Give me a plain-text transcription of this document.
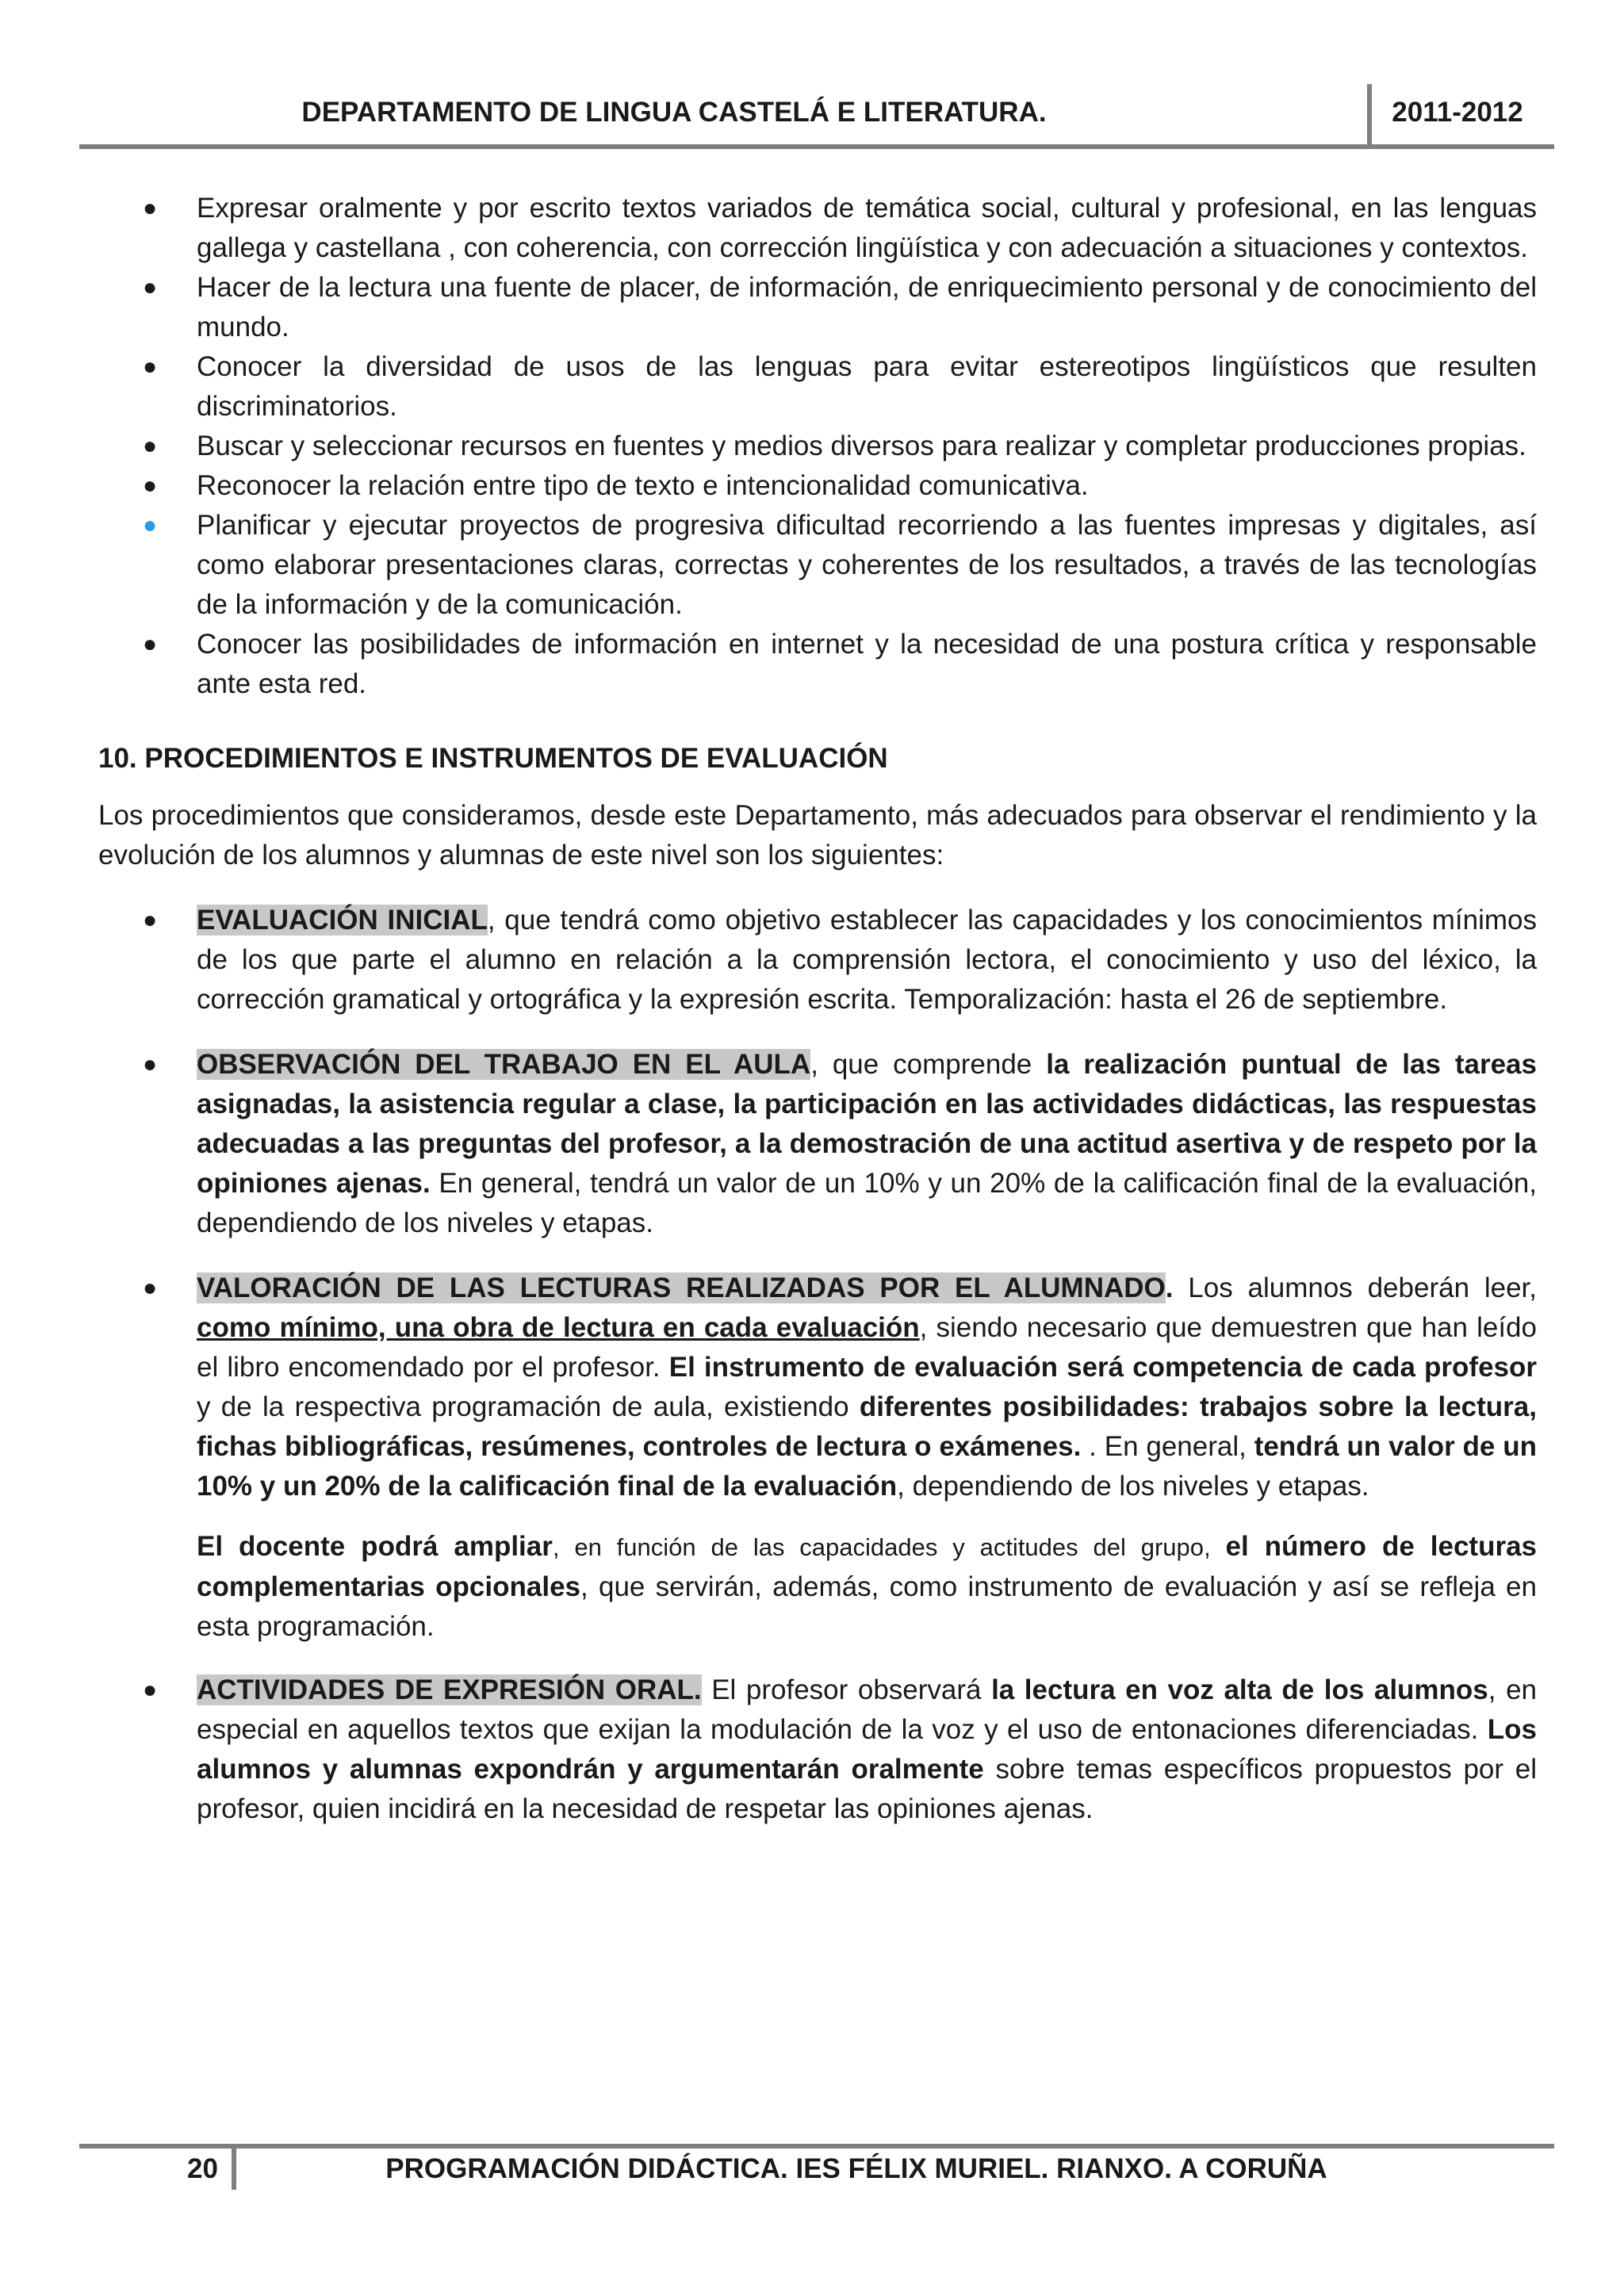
DEPARTAMENTO DE LINGUA CASTELÁ E LITERATURA.	2011-2012
● Expresar oralmente y por escrito textos variados de temática social, cultural y profesional, en las lenguas gallega y castellana , con coherencia, con corrección lingüística y con adecuación a situaciones y contextos.
● Hacer de la lectura una fuente de placer, de información, de enriquecimiento personal y de conocimiento del mundo.
● Conocer la diversidad de usos de las lenguas para evitar estereotipos lingüísticos que resulten discriminatorios.
● Buscar y seleccionar recursos en fuentes y medios diversos para realizar y completar producciones propias.
● Reconocer la relación entre tipo de texto e intencionalidad comunicativa.
● Planificar y ejecutar proyectos de progresiva dificultad recorriendo a las fuentes impresas y digitales, así como elaborar presentaciones claras, correctas y coherentes de los resultados, a través de las tecnologías de la información y de la comunicación.
● Conocer las posibilidades de información en internet y la necesidad de una postura crítica y responsable ante esta red.
10. PROCEDIMIENTOS E INSTRUMENTOS DE EVALUACIÓN
Los procedimientos que consideramos, desde este Departamento, más adecuados para observar el rendimiento y la evolución de los alumnos y alumnas de este nivel son los siguientes:
● EVALUACIÓN INICIAL, que tendrá como objetivo establecer las capacidades y los conocimientos mínimos de los que parte el alumno en relación a la comprensión lectora, el conocimiento y uso del léxico, la corrección gramatical y ortográfica y la expresión escrita. Temporalización: hasta el 26 de septiembre.
● OBSERVACIÓN DEL TRABAJO EN EL AULA, que comprende la realización puntual de las tareas asignadas, la asistencia regular a clase, la participación en las actividades didácticas, las respuestas adecuadas a las preguntas del profesor, a la demostración de una actitud asertiva y de respeto por la opiniones ajenas. En general, tendrá un valor de un 10% y un 20% de la calificación final de la evaluación, dependiendo de los niveles y etapas.
● VALORACIÓN DE LAS LECTURAS REALIZADAS POR EL ALUMNADO. Los alumnos deberán leer, como mínimo, una obra de lectura en cada evaluación, siendo necesario que demuestren que han leído el libro encomendado por el profesor. El instrumento de evaluación será competencia de cada profesor y de la respectiva programación de aula, existiendo diferentes posibilidades: trabajos sobre la lectura, fichas bibliográficas, resúmenes, controles de lectura o exámenes. . En general, tendrá un valor de un 10% y un 20% de la calificación final de la evaluación, dependiendo de los niveles y etapas.
El docente podrá ampliar, en función de las capacidades y actitudes del grupo, el número de lecturas complementarias opcionales, que servirán, además, como instrumento de evaluación y así se refleja en esta programación.
● ACTIVIDADES DE EXPRESIÓN ORAL. El profesor observará la lectura en voz alta de los alumnos, en especial en aquellos textos que exijan la modulación de la voz y el uso de entonaciones diferenciadas. Los alumnos y alumnas expondrán y argumentarán oralmente sobre temas específicos propuestos por el profesor, quien incidirá en la necesidad de respetar las opiniones ajenas.
20	PROGRAMACIÓN DIDÁCTICA. IES FÉLIX MURIEL. RIANXO. A CORUÑA
